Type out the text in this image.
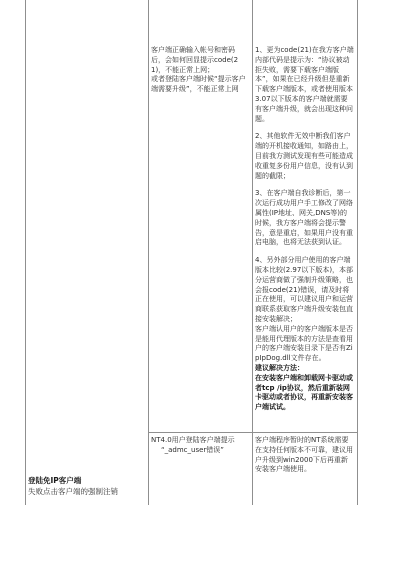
客户端正确输入帐号和密码后，会如何回显提示code(21)，不能正常上网；

或者登陆客户端时候“提示客户端需要升级”，不能正常上网

1、更为code(21)在我方客户端内部代码是提示为：“协议被动拒失败，需要下载客户端版本”，如果在已经升级但是重新下载客户端版本，或者使用版本3.07以下版本的客户端就需要有客户端升级，就会出现这种问题。

2、其他软件无效中断我们客户端的开机接收通知，如路由上，目前我方测试发现有些可能造成收重复多份用户信息，没有认到题的截限；

3、在客户端自我诊断后，第一次运行成功用户手工修改了网络属性(IP地址、网关,DNS等)的时候，我方客户端将会提示警告，意是重启，如果用户没有重启电脑，也将无法获到认证。

4、另外部分用户使用的客户端版本比较(2.97以下版本)，本部分运营商做了强制升级策略，也会报code(21)错误，请及时将正在使用，可以建议用户和运营商联系获取客户端升级安装包直接安装解决；

客户端认用户的客户端版本是否是能用代理版本的方法是查看用户的客户端安装目录下是否有ZipIpDog.dll文件存在。

建议解决方法：

在安装客户端和卸载网卡驱动或者tcp /ip协议，然后重新装网卡驱动或者协议，再重新安装客户端试试。

NT4.0用户登陆客户端提示

“_admc_user错误”

客户端程序暂时的NT系统需要在支持任何版本不可靠，建议用户升级到win2000下后再重新安装客户端使用。

登陆免IP客户端

失败点击客户端的强制注销
